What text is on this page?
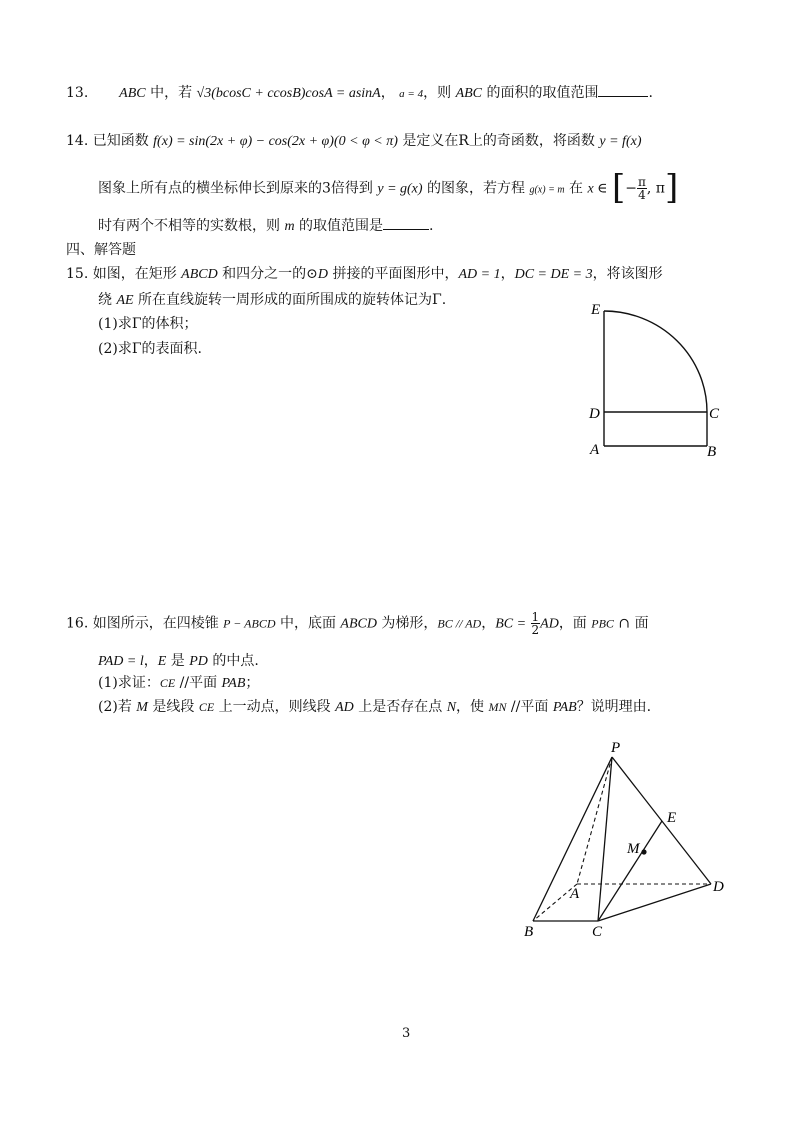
13. ABC 中，若 √3(bcosC + ccosB)cosA = asinA， a = 4，则 ABC 的面积的取值范围	.
14. 已知函数 f(x) = sin(2x + φ) − cos(2x + φ)(0 < φ < π) 是定义在R上的奇函数，将函数 y = f(x)
图象上所有点的横坐标伸长到原来的3倍得到 y = g(x) 的图象，若方程 g(x) = m 在 x ∈ [− $\frac{\pi}{4}$ , π]
时有两个不相等的实数根，则 m 的取值范围是	.
四、解答题
15. 如图，在矩形 ABCD 和四分之一的⊙D 拼接的平面图形中，AD = 1，DC = DE = 3，将该图形
绕 AE 所在直线旋转一周形成的面所围成的旋转体记为Γ.
(1)求Γ的体积；
(2)求Γ的表面积.
E
D	C
A	B
16. 如图所示，在四棱锥 P − ABCD 中，底面 ABCD 为梯形，BC // AD，BC = $\frac{1}{2}$ AD，面 PBC ∩ 面
PAD = l，E 是 PD 的中点.
(1)求证：CE //平面 PAB；
(2)若 M 是线段 CE 上一动点，则线段 AD 上是否存在点 N，使 MN //平面 PAB？说明理由.
P
E
M
D
A
B	C
3
